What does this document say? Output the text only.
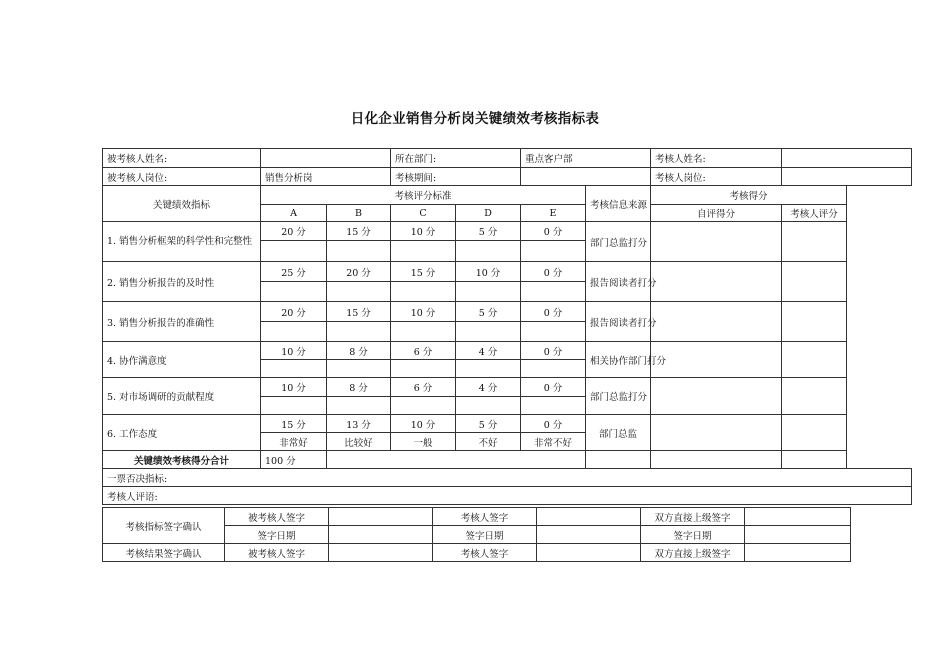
日化企业销售分析岗关键绩效考核指标表
被考核人姓名:			所在部门:		重点客户部		考核人姓名:	
被考核人岗位:	销售分析岗		考核期间:				考核人岗位:	
关键绩效指标	考核评分标准					考核信息来源	考核得分	
	A	B	C	D	E		自评得分	考核人评分
1. 销售分析框架的科学性和完整性	20 分	15 分	10 分	5 分	0 分	部门总监打分		

2. 销售分析报告的及时性	25 分	20 分	15 分	10 分	0 分	报告阅读者打分		

3. 销售分析报告的准确性	20 分	15 分	10 分	5 分	0 分	报告阅读者打分		

4. 协作满意度	10 分	8 分	6 分	4 分	0 分	相关协作部门打分		

5. 对市场调研的贡献程度	10 分	8 分	6 分	4 分	0 分	部门总监打分		

6. 工作态度	15 分	13 分	10 分	5 分	0 分	部门总监		
	非常好	比较好	一般	不好	非常不好			
关键绩效考核得分合计	100 分							
一票否决指标:								
考核人评语:								
考核指标签字确认	被考核人签字		考核人签字		双方直接上级签字	
	签字日期		签字日期		签字日期	
考核结果签字确认	被考核人签字		考核人签字		双方直接上级签字	
